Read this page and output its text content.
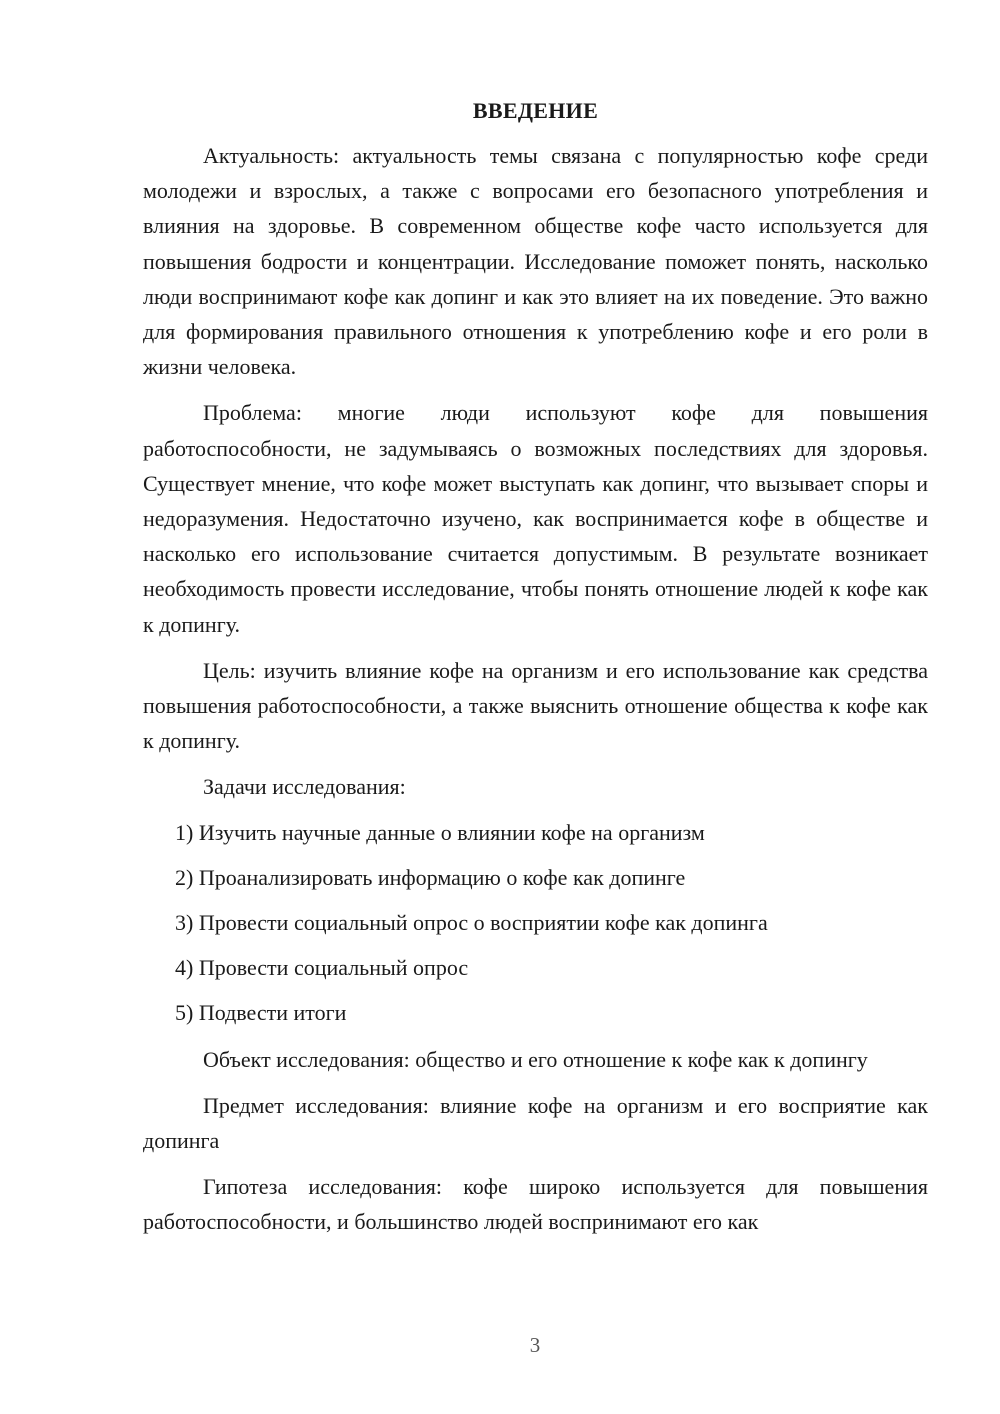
ВВЕДЕНИЕ

Актуальность: актуальность темы связана с популярностью кофе среди молодежи и взрослых, а также с вопросами его безопасного употребления и влияния на здоровье. В современном обществе кофе часто используется для повышения бодрости и концентрации. Исследование поможет понять, насколько люди воспринимают кофе как допинг и как это влияет на их поведение. Это важно для формирования правильного отношения к употреблению кофе и его роли в жизни человека.

Проблема: многие люди используют кофе для повышения работоспособности, не задумываясь о возможных последствиях для здоровья. Существует мнение, что кофе может выступать как допинг, что вызывает споры и недоразумения. Недостаточно изучено, как воспринимается кофе в обществе и насколько его использование считается допустимым. В результате возникает необходимость провести исследование, чтобы понять отношение людей к кофе как к допингу.

Цель: изучить влияние кофе на организм и его использование как средства повышения работоспособности, а также выяснить отношение общества к кофе как к допингу.

Задачи исследования:

1) Изучить научные данные о влиянии кофе на организм
2) Проанализировать информацию о кофе как допинге
3) Провести социальный опрос о восприятии кофе как допинга
4) Провести социальный опрос
5) Подвести итоги

Объект исследования: общество и его отношение к кофе как к допингу

Предмет исследования: влияние кофе на организм и его восприятие как допинга

Гипотеза исследования: кофе широко используется для повышения работоспособности, и большинство людей воспринимают его как

3
